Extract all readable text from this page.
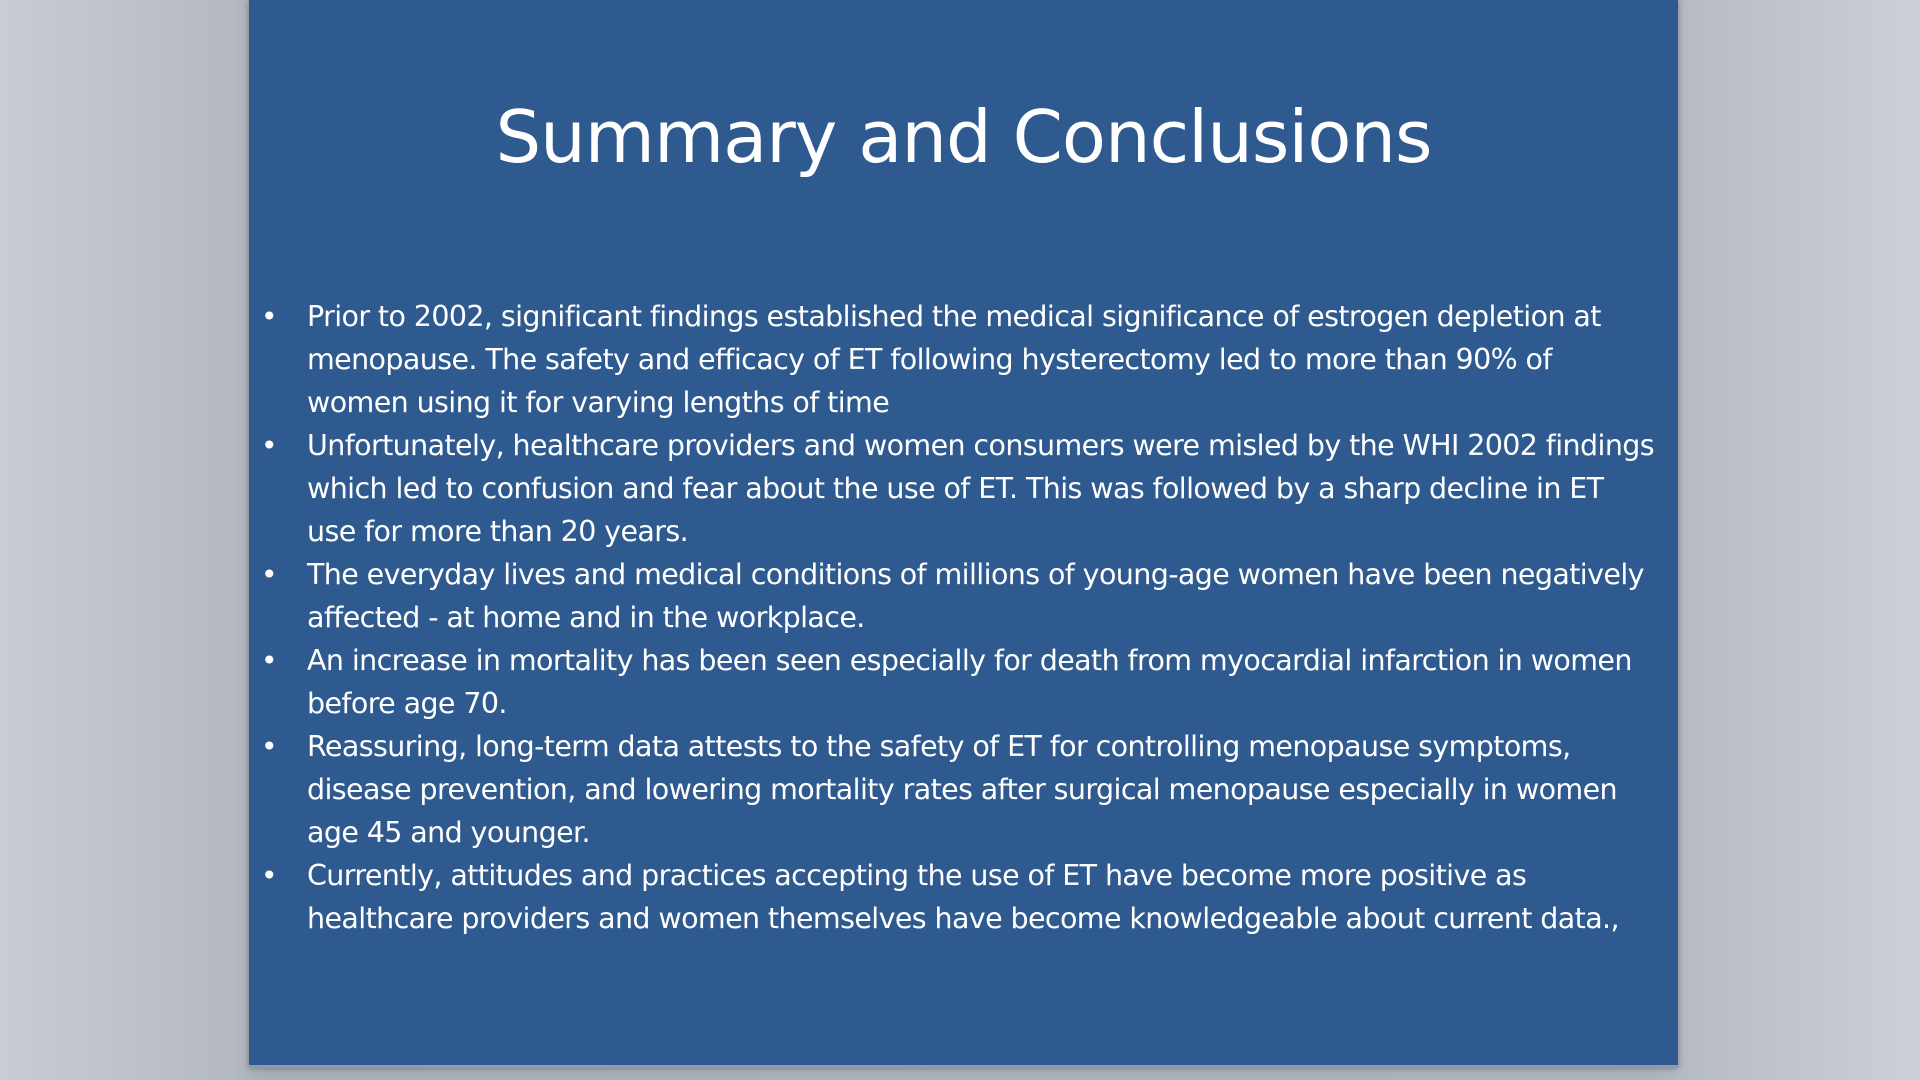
Summary and Conclusions
• Prior to 2002, significant findings established the medical significance of estrogen depletion at menopause. The safety and efficacy of ET following hysterectomy led to more than 90% of women using it for varying lengths of time
• Unfortunately, healthcare providers and women consumers were misled by the WHI 2002 findings which led to confusion and fear about the use of ET. This was followed by a sharp decline in ET use for more than 20 years.
• The everyday lives and medical conditions of millions of young-age women have been negatively affected - at home and in the workplace.
• An increase in mortality has been seen especially for death from myocardial infarction in women before age 70.
• Reassuring, long-term data attests to the safety of ET for controlling menopause symptoms, disease prevention, and lowering mortality rates after surgical menopause especially in women age 45 and younger.
• Currently, attitudes and practices accepting the use of ET have become more positive as healthcare providers and women themselves have become knowledgeable about current data.,
